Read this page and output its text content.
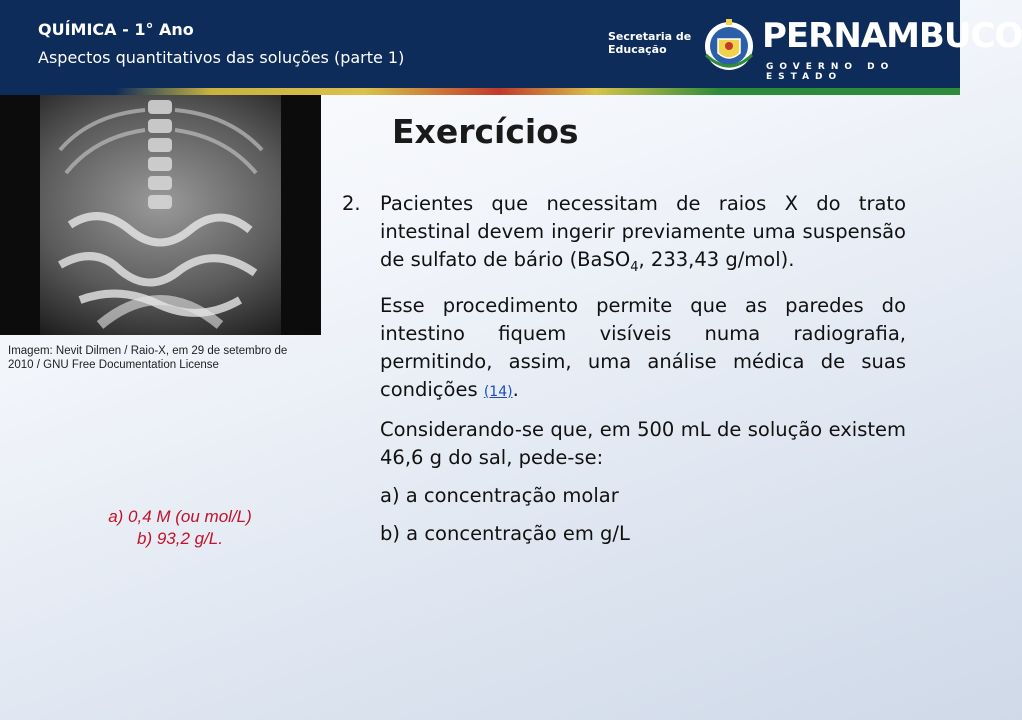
QUÍMICA - 1° Ano
Aspectos quantitativos das soluções (parte 1)
Secretaria de
Educação	PERNAMBUCO
GOVERNO DO ESTADO
Imagem: Nevit Dilmen / Raio-X, em 29 de setembro de 2010 / GNU Free Documentation License
a) 0,4 M (ou mol/L)
b) 93,2 g/L.
Exercícios

2. Pacientes que necessitam de raios X do trato intestinal devem ingerir previamente uma suspensão de sulfato de bário (BaSO$_4$, 233,43 g/mol).

Esse procedimento permite que as paredes do intestino fiquem visíveis numa radiografia, permitindo, assim, uma análise médica de suas condições (14).

Considerando-se que, em 500 mL de solução existem 46,6 g do sal, pede-se:

a) a concentração molar

b) a concentração em g/L
